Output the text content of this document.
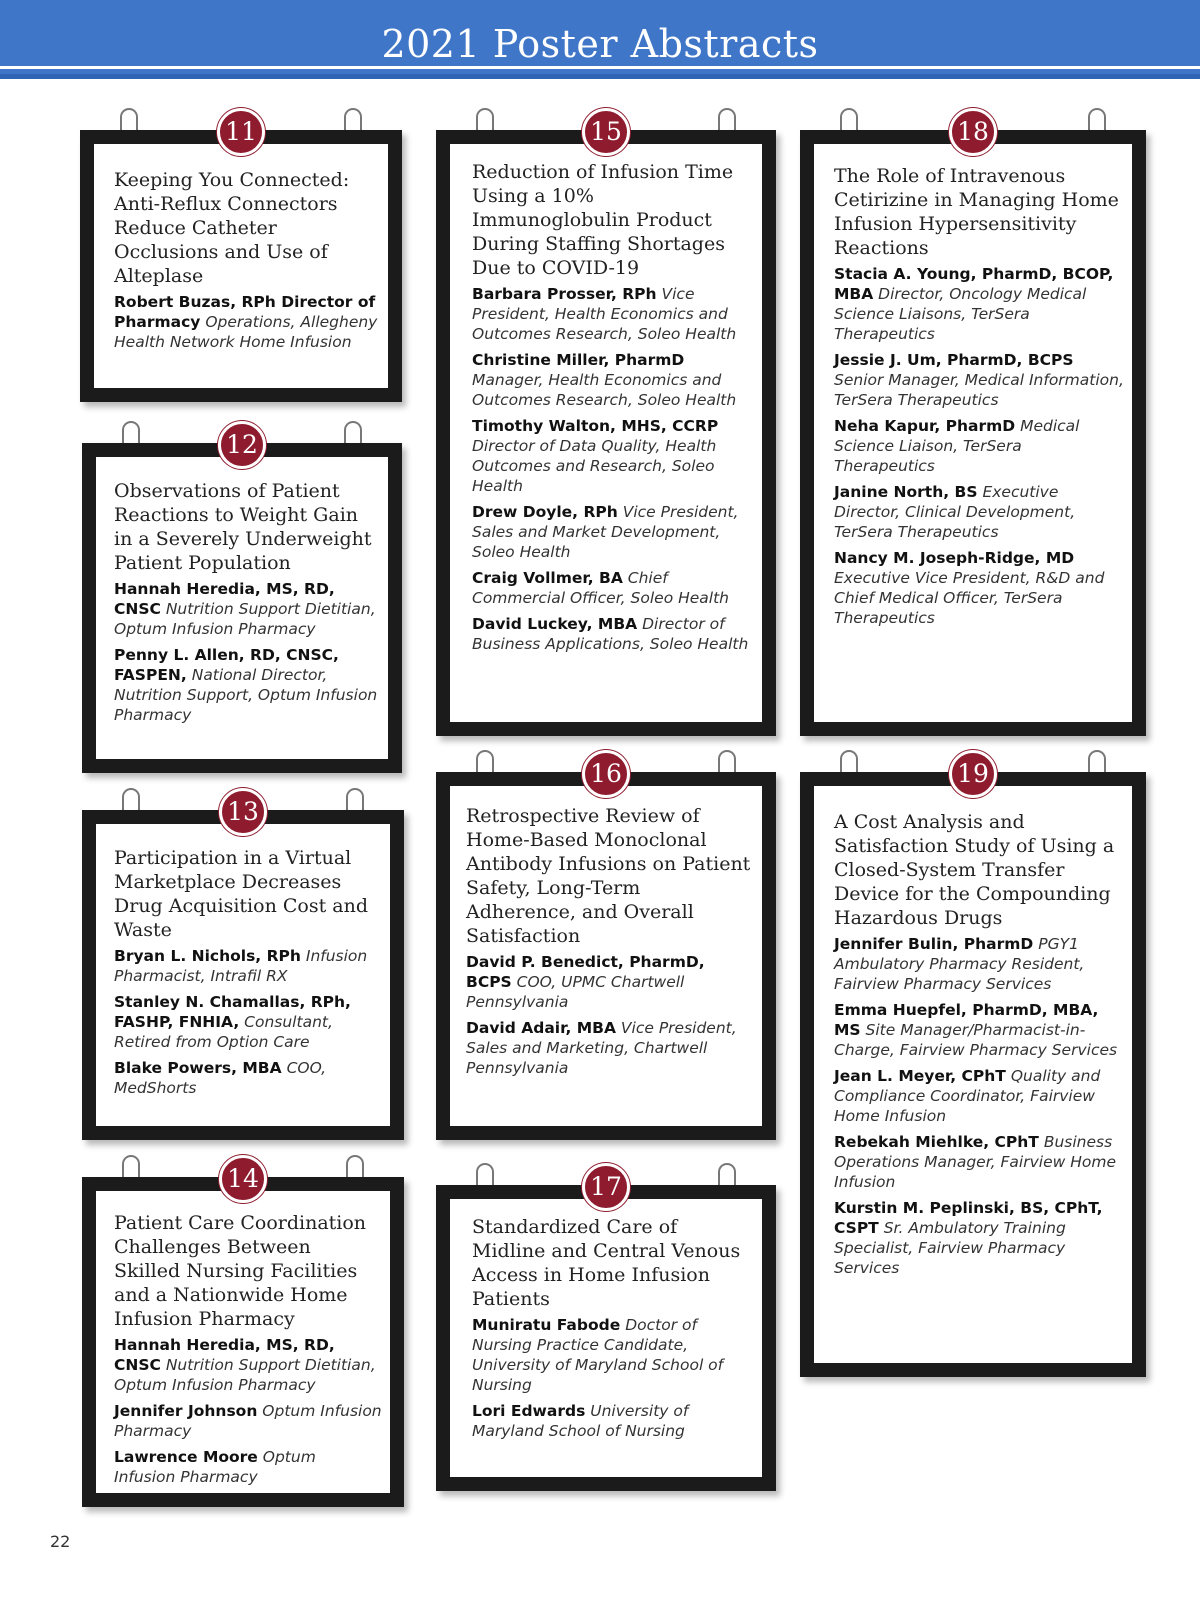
2021 Poster Abstracts
Keeping You Connected: Anti-Reflux Connectors Reduce Catheter Occlusions and Use of Alteplase
Robert Buzas, RPh Director of Pharmacy Operations, Allegheny Health Network Home Infusion
11
Observations of Patient Reactions to Weight Gain in a Severely Underweight Patient Population
Hannah Heredia, MS, RD, CNSC Nutrition Support Dietitian, Optum Infusion Pharmacy
Penny L. Allen, RD, CNSC, FASPEN, National Director, Nutrition Support, Optum Infusion Pharmacy
12
Participation in a Virtual Marketplace Decreases Drug Acquisition Cost and Waste
Bryan L. Nichols, RPh Infusion Pharmacist, Intrafil RX
Stanley N. Chamallas, RPh, FASHP, FNHIA, Consultant, Retired from Option Care
Blake Powers, MBA COO, MedShorts
13
Patient Care Coordination Challenges Between Skilled Nursing Facilities and a Nationwide Home Infusion Pharmacy
Hannah Heredia, MS, RD, CNSC Nutrition Support Dietitian, Optum Infusion Pharmacy
Jennifer Johnson Optum Infusion Pharmacy
Lawrence Moore Optum Infusion Pharmacy
14
Reduction of Infusion Time Using a 10% Immunoglobulin Product During Staffing Shortages Due to COVID-19
Barbara Prosser, RPh Vice President, Health Economics and Outcomes Research, Soleo Health
Christine Miller, PharmD Manager, Health Economics and Outcomes Research, Soleo Health
Timothy Walton, MHS, CCRP Director of Data Quality, Health Outcomes and Research, Soleo Health
Drew Doyle, RPh Vice President, Sales and Market Development, Soleo Health
Craig Vollmer, BA Chief Commercial Officer, Soleo Health
David Luckey, MBA Director of Business Applications, Soleo Health
15
Retrospective Review of Home-Based Monoclonal Antibody Infusions on Patient Safety, Long-Term Adherence, and Overall Satisfaction
David P. Benedict, PharmD, BCPS COO, UPMC Chartwell Pennsylvania
David Adair, MBA Vice President, Sales and Marketing, Chartwell Pennsylvania
16
Standardized Care of Midline and Central Venous Access in Home Infusion Patients
Muniratu Fabode Doctor of Nursing Practice Candidate, University of Maryland School of Nursing
Lori Edwards University of Maryland School of Nursing
17
The Role of Intravenous Cetirizine in Managing Home Infusion Hypersensitivity Reactions
Stacia A. Young, PharmD, BCOP, MBA Director, Oncology Medical Science Liaisons, TerSera Therapeutics
Jessie J. Um, PharmD, BCPS Senior Manager, Medical Information, TerSera Therapeutics
Neha Kapur, PharmD Medical Science Liaison, TerSera Therapeutics
Janine North, BS Executive Director, Clinical Development, TerSera Therapeutics
Nancy M. Joseph-Ridge, MD Executive Vice President, R&D and Chief Medical Officer, TerSera Therapeutics
18
A Cost Analysis and Satisfaction Study of Using a Closed-System Transfer Device for the Compounding Hazardous Drugs
Jennifer Bulin, PharmD PGY1 Ambulatory Pharmacy Resident, Fairview Pharmacy Services
Emma Huepfel, PharmD, MBA, MS Site Manager/Pharmacist-in-Charge, Fairview Pharmacy Services
Jean L. Meyer, CPhT Quality and Compliance Coordinator, Fairview Home Infusion
Rebekah Miehlke, CPhT Business Operations Manager, Fairview Home Infusion
Kurstin M. Peplinski, BS, CPhT, CSPT Sr. Ambulatory Training Specialist, Fairview Pharmacy Services
19
22
